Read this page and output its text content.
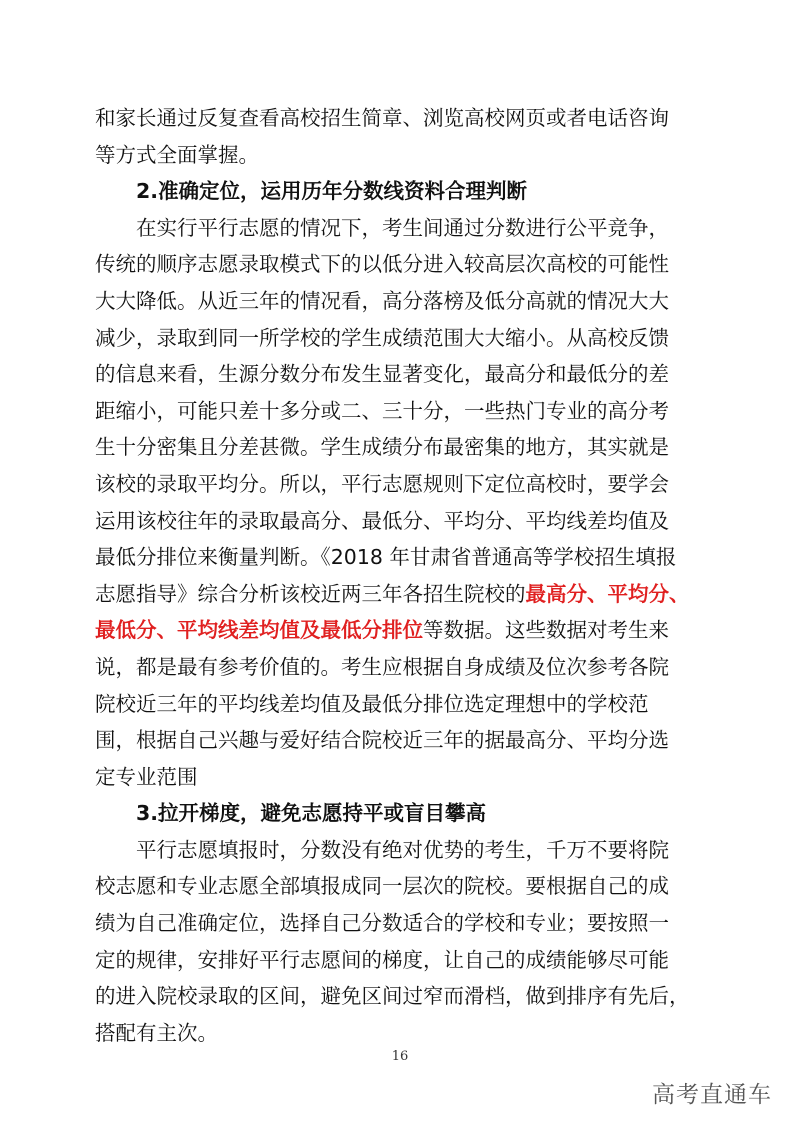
和家长通过反复查看高校招生简章、浏览高校网页或者电话咨询
等方式全面掌握。
2.准确定位，运用历年分数线资料合理判断
在实行平行志愿的情况下，考生间通过分数进行公平竞争，
传统的顺序志愿录取模式下的以低分进入较高层次高校的可能性
大大降低。从近三年的情况看，高分落榜及低分高就的情况大大
减少，录取到同一所学校的学生成绩范围大大缩小。从高校反馈
的信息来看，生源分数分布发生显著变化，最高分和最低分的差
距缩小，可能只差十多分或二、三十分，一些热门专业的高分考
生十分密集且分差甚微。学生成绩分布最密集的地方，其实就是
该校的录取平均分。所以，平行志愿规则下定位高校时，要学会
运用该校往年的录取最高分、最低分、平均分、平均线差均值及
最低分排位来衡量判断。《2018 年甘肃省普通高等学校招生填报
志愿指导》综合分析该校近两三年各招生院校的最高分、平均分、
最低分、平均线差均值及最低分排位等数据。这些数据对考生来
说，都是最有参考价值的。考生应根据自身成绩及位次参考各院
院校近三年的平均线差均值及最低分排位选定理想中的学校范
围，根据自己兴趣与爱好结合院校近三年的据最高分、平均分选
定专业范围
3.拉开梯度，避免志愿持平或盲目攀高
平行志愿填报时，分数没有绝对优势的考生，千万不要将院
校志愿和专业志愿全部填报成同一层次的院校。要根据自己的成
绩为自己准确定位，选择自己分数适合的学校和专业；要按照一
定的规律，安排好平行志愿间的梯度，让自己的成绩能够尽可能
的进入院校录取的区间，避免区间过窄而滑档，做到排序有先后，
搭配有主次。
16
高考直通车
